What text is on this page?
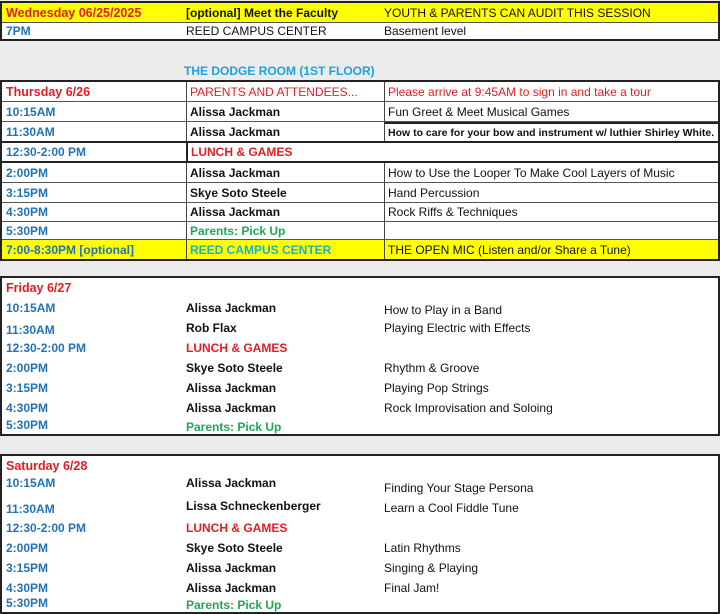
Wednesday 06/25/2025	[optional] Meet the Faculty	YOUTH & PARENTS CAN AUDIT THIS SESSION
7PM	REED CAMPUS CENTER	Basement level
THE DODGE ROOM (1ST FLOOR)
Thursday 6/26	PARENTS AND ATTENDEES...	Please arrive at 9:45AM to sign in and take a tour
10:15AM	Alissa Jackman	Fun Greet & Meet Musical Games
11:30AM	Alissa Jackman	How to care for your bow and instrument w/ luthier Shirley White.
12:30-2:00 PM	LUNCH & GAMES
2:00PM	Alissa Jackman	How to Use the Looper To Make Cool Layers of Music
3:15PM	Skye Soto Steele	Hand Percussion
4:30PM	Alissa Jackman	Rock Riffs & Techniques
5:30PM	Parents: Pick Up
7:00-8:30PM [optional]	REED CAMPUS CENTER	THE OPEN MIC (Listen and/or Share a Tune)
Friday 6/27
10:15AM	Alissa Jackman	How to Play in a Band
11:30AM	Rob Flax	Playing Electric with Effects
12:30-2:00 PM	LUNCH & GAMES
2:00PM	Skye Soto Steele	Rhythm & Groove
3:15PM	Alissa Jackman	Playing Pop Strings
4:30PM	Alissa Jackman	Rock Improvisation and Soloing
5:30PM	Parents: Pick Up
Saturday 6/28
10:15AM	Alissa Jackman	Finding Your Stage Persona
11:30AM	Lissa Schneckenberger	Learn a Cool Fiddle Tune
12:30-2:00 PM	LUNCH & GAMES
2:00PM	Skye Soto Steele	Latin Rhythms
3:15PM	Alissa Jackman	Singing & Playing
4:30PM	Alissa Jackman	Final Jam!
5:30PM	Parents: Pick Up
